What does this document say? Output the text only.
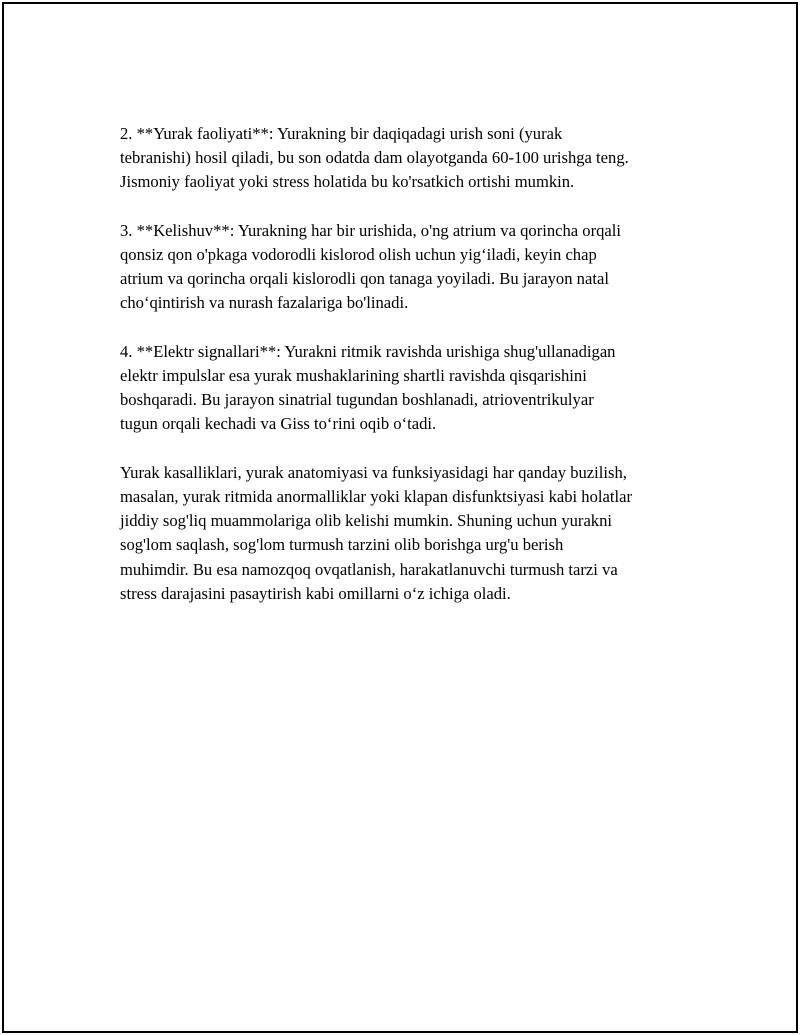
2. **Yurak faoliyati**: Yurakning bir daqiqadagi urish soni (yurak
tebranishi) hosil qiladi, bu son odatda dam olayotganda 60-100 urishga teng.
Jismoniy faoliyat yoki stress holatida bu ko'rsatkich ortishi mumkin.

3. **Kelishuv**: Yurakning har bir urishida, o'ng atrium va qorincha orqali
qonsiz qon o'pkaga vodorodli kislorod olish uchun yig‘iladi, keyin chap
atrium va qorincha orqali kislorodli qon tanaga yoyiladi. Bu jarayon natal
cho‘qintirish va nurash fazalariga bo'linadi.

4. **Elektr signallari**: Yurakni ritmik ravishda urishiga shug'ullanadigan
elektr impulslar esa yurak mushaklarining shartli ravishda qisqarishini
boshqaradi. Bu jarayon sinatrial tugundan boshlanadi, atrioventrikulyar
tugun orqali kechadi va Giss to‘rini oqib o‘tadi.

Yurak kasalliklari, yurak anatomiyasi va funksiyasidagi har qanday buzilish,
masalan, yurak ritmida anormalliklar yoki klapan disfunktsiyasi kabi holatlar
jiddiy sog'liq muammolariga olib kelishi mumkin. Shuning uchun yurakni
sog'lom saqlash, sog'lom turmush tarzini olib borishga urg'u berish
muhimdir. Bu esa namozqoq ovqatlanish, harakatlanuvchi turmush tarzi va
stress darajasini pasaytirish kabi omillarni o‘z ichiga oladi.
